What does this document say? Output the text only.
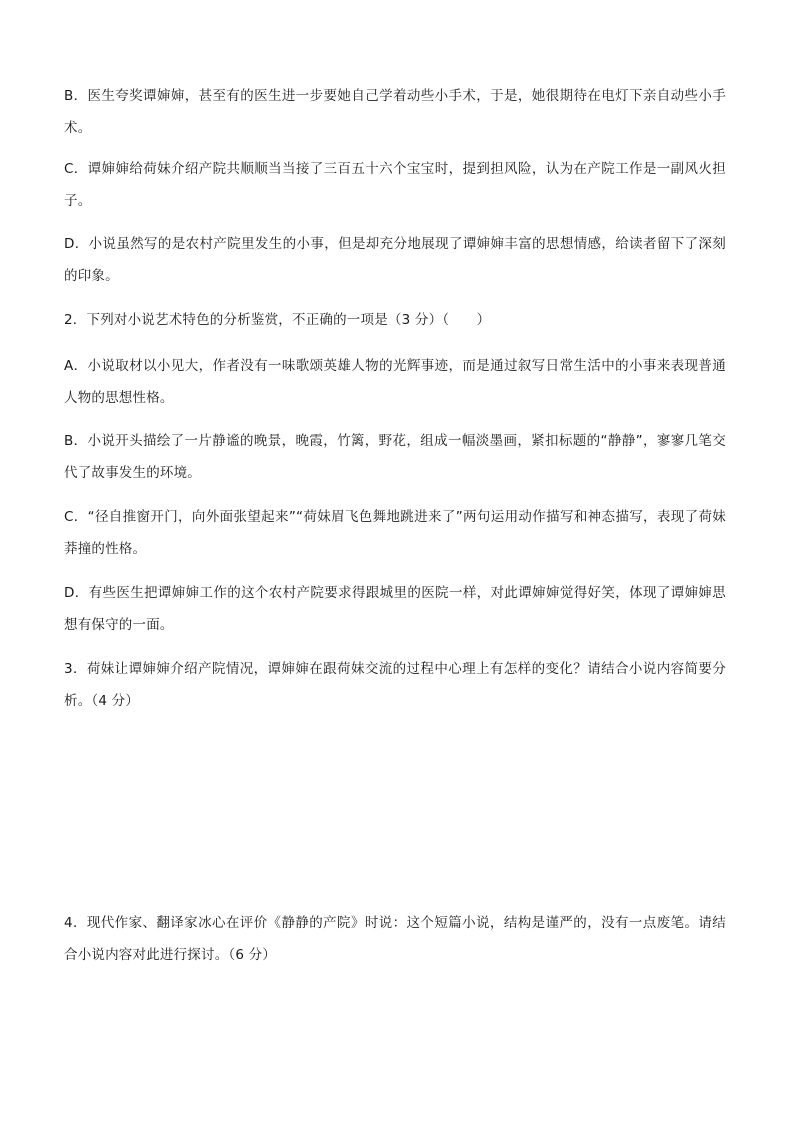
B．医生夸奖谭婶婶，甚至有的医生进一步要她自己学着动些小手术，于是，她很期待在电灯下亲自动些小手术。

C．谭婶婶给荷妹介绍产院共顺顺当当接了三百五十六个宝宝时，提到担风险，认为在产院工作是一副风火担子。

D．小说虽然写的是农村产院里发生的小事，但是却充分地展现了谭婶婶丰富的思想情感，给读者留下了深刻的印象。

2．下列对小说艺术特色的分析鉴赏，不正确的一项是（3 分）（　　）

A．小说取材以小见大，作者没有一味歌颂英雄人物的光辉事迹，而是通过叙写日常生活中的小事来表现普通人物的思想性格。

B．小说开头描绘了一片静谧的晚景，晚霞，竹篱，野花，组成一幅淡墨画，紧扣标题的“静静”，寥寥几笔交代了故事发生的环境。

C．“径自推窗开门，向外面张望起来”“荷妹眉飞色舞地跳进来了”两句运用动作描写和神态描写，表现了荷妹莽撞的性格。

D．有些医生把谭婶婶工作的这个农村产院要求得跟城里的医院一样，对此谭婶婶觉得好笑，体现了谭婶婶思想有保守的一面。

3．荷妹让谭婶婶介绍产院情况，谭婶婶在跟荷妹交流的过程中心理上有怎样的变化？请结合小说内容简要分析。（4 分）

4．现代作家、翻译家冰心在评价《静静的产院》时说：这个短篇小说，结构是谨严的，没有一点废笔。请结合小说内容对此进行探讨。（6 分）
